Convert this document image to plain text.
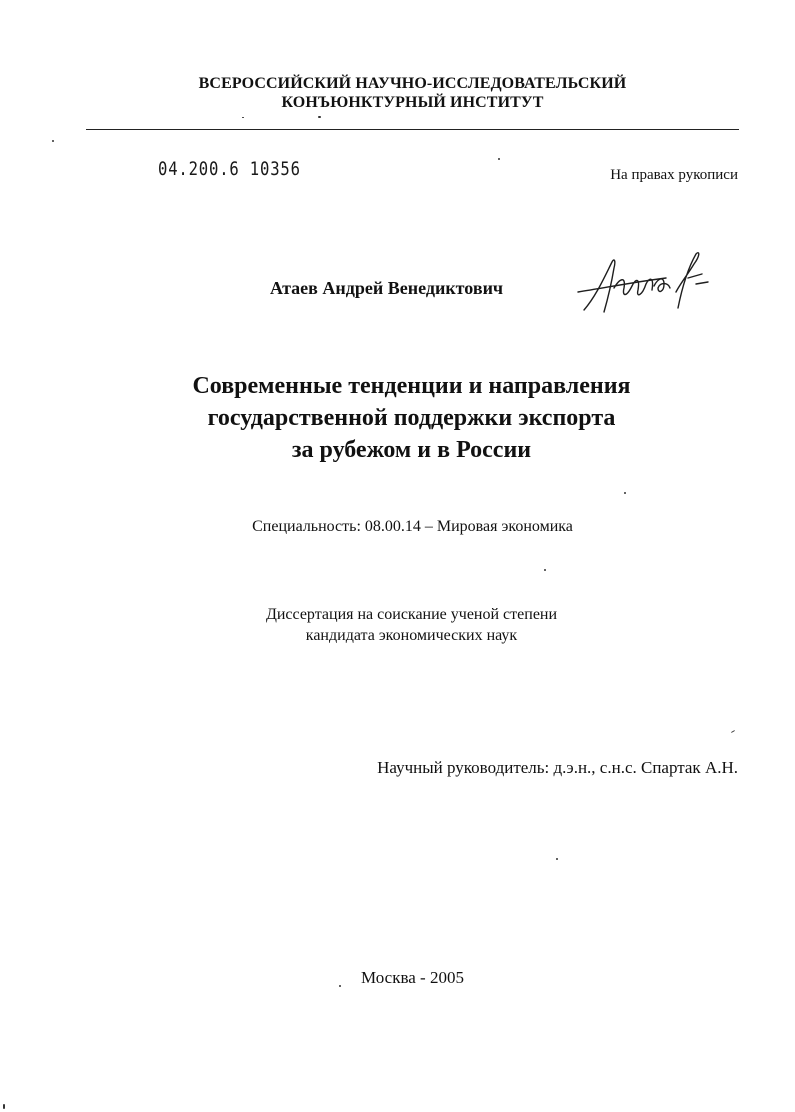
ВСЕРОССИЙСКИЙ НАУЧНО-ИССЛЕДОВАТЕЛЬСКИЙ
КОНЪЮНКТУРНЫЙ ИНСТИТУТ
04.200.6 10356	На правах рукописи
Атаев Андрей Венедиктович
Современные тенденции и направления
государственной поддержки экспорта
за рубежом и в России
Специальность: 08.00.14 – Мировая экономика
Диссертация на соискание ученой степени
кандидата экономических наук
Научный руководитель: д.э.н., с.н.с. Спартак А.Н.
Москва - 2005
